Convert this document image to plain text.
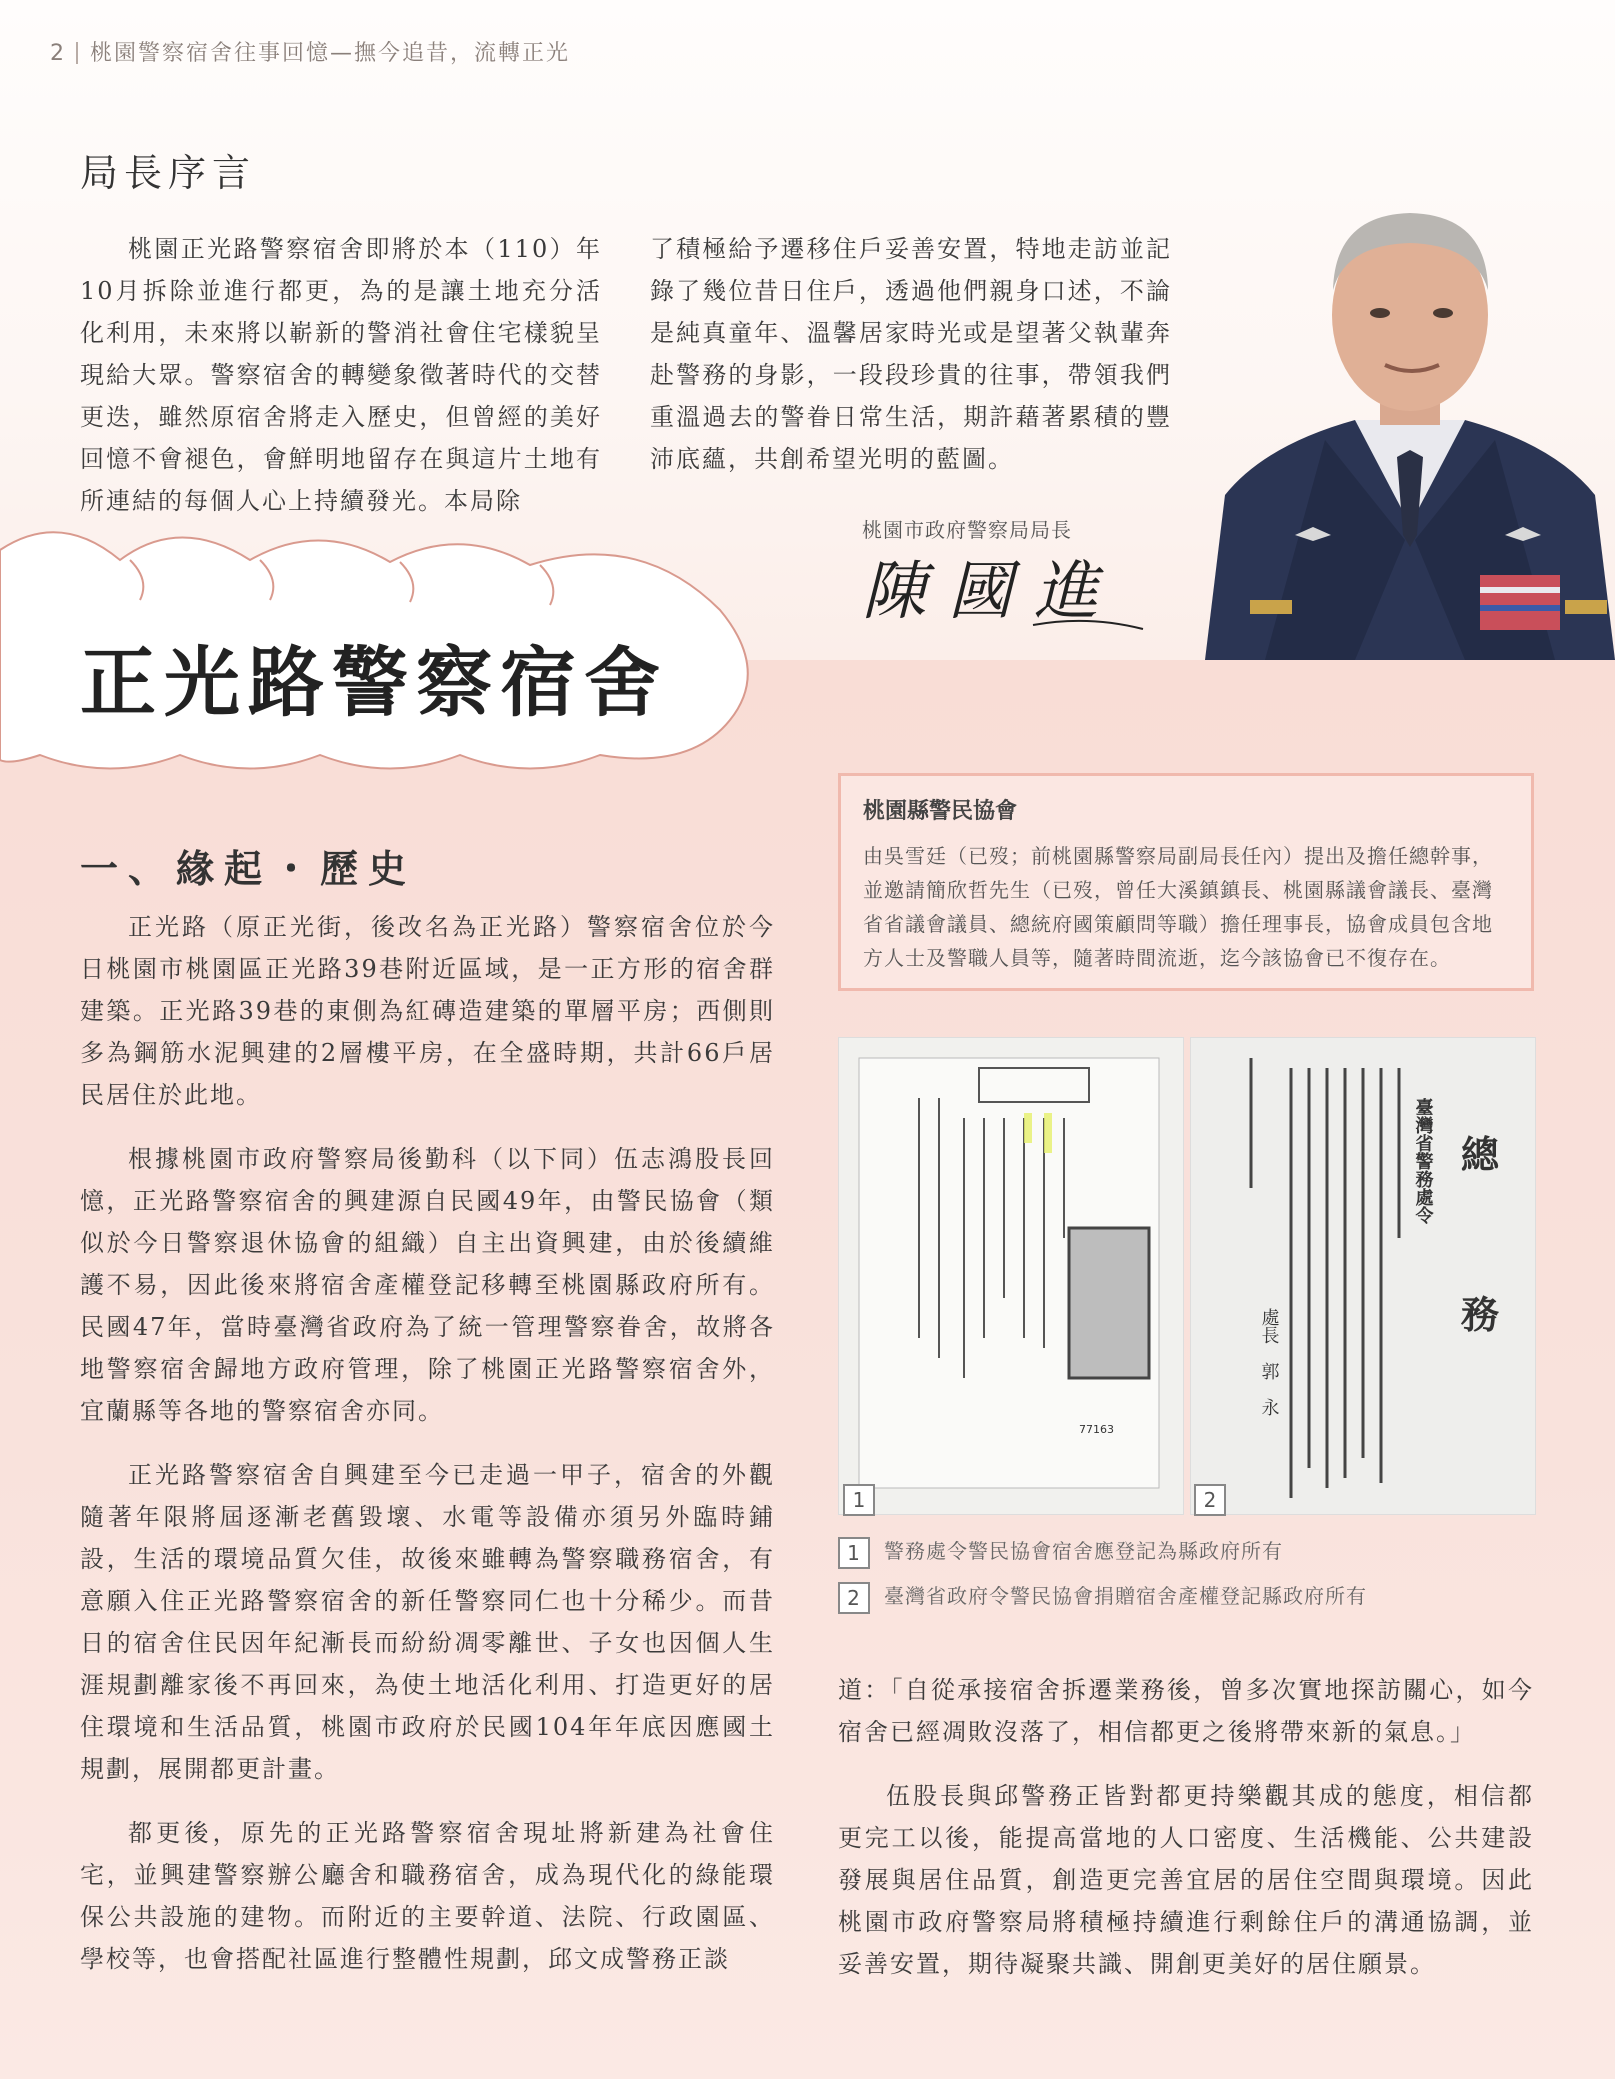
2 桃園警察宿舍往事回憶—撫今追昔，流轉正光
局長序言

桃園正光路警察宿舍即將於本（110）年10月拆除並進行都更，為的是讓土地充分活化利用，未來將以嶄新的警消社會住宅樣貌呈現給大眾。警察宿舍的轉變象徵著時代的交替更迭，雖然原宿舍將走入歷史，但曾經的美好回憶不會褪色，會鮮明地留存在與這片土地有所連結的每個人心上持續發光。本局除

了積極給予遷移住戶妥善安置，特地走訪並記錄了幾位昔日住戶，透過他們親身口述，不論是純真童年、溫馨居家時光或是望著父執輩奔赴警務的身影，一段段珍貴的往事，帶領我們重溫過去的警眷日常生活，期許藉著累積的豐沛底蘊，共創希望光明的藍圖。

桃園市政府警察局局長
陳國進
正光路警察宿舍
一、緣起・歷史

正光路（原正光街，後改名為正光路）警察宿舍位於今日桃園市桃園區正光路39巷附近區域，是一正方形的宿舍群建築。正光路39巷的東側為紅磚造建築的單層平房；西側則多為鋼筋水泥興建的2層樓平房，在全盛時期，共計66戶居民居住於此地。

根據桃園市政府警察局後勤科（以下同）伍志鴻股長回憶，正光路警察宿舍的興建源自民國49年，由警民協會（類似於今日警察退休協會的組織）自主出資興建，由於後續維護不易，因此後來將宿舍產權登記移轉至桃園縣政府所有。民國47年，當時臺灣省政府為了統一管理警察眷舍，故將各地警察宿舍歸地方政府管理，除了桃園正光路警察宿舍外，宜蘭縣等各地的警察宿舍亦同。

正光路警察宿舍自興建至今已走過一甲子，宿舍的外觀隨著年限將屆逐漸老舊毀壞、水電等設備亦須另外臨時鋪設，生活的環境品質欠佳，故後來雖轉為警察職務宿舍，有意願入住正光路警察宿舍的新任警察同仁也十分稀少。而昔日的宿舍住民因年紀漸長而紛紛凋零離世、子女也因個人生涯規劃離家後不再回來，為使土地活化利用、打造更好的居住環境和生活品質，桃園市政府於民國104年年底因應國土規劃，展開都更計畫。

都更後，原先的正光路警察宿舍現址將新建為社會住宅，並興建警察辦公廳舍和職務宿舍，成為現代化的綠能環保公共設施的建物。而附近的主要幹道、法院、行政園區、學校等，也會搭配社區進行整體性規劃，邱文成警務正談

桃園縣警民協會
由吳雪廷（已歿；前桃園縣警察局副局長任內）提出及擔任總幹事，並邀請簡欣哲先生（已歿，曾任大溪鎮鎮長、桃園縣議會議長、臺灣省省議會議員、總統府國策顧問等職）擔任理事長，協會成員包含地方人士及警職人員等，隨著時間流逝，迄今該協會已不復存在。
77163
1
總
務
臺灣省警務處令
處長　郭　永
2
1 警務處令警民協會宿舍應登記為縣政府所有
2 臺灣省政府令警民協會捐贈宿舍產權登記縣政府所有

道：「自從承接宿舍拆遷業務後，曾多次實地探訪關心，如今宿舍已經凋敗沒落了，相信都更之後將帶來新的氣息。」

伍股長與邱警務正皆對都更持樂觀其成的態度，相信都更完工以後，能提高當地的人口密度、生活機能、公共建設發展與居住品質，創造更完善宜居的居住空間與環境。因此桃園市政府警察局將積極持續進行剩餘住戶的溝通協調，並妥善安置，期待凝聚共識、開創更美好的居住願景。
